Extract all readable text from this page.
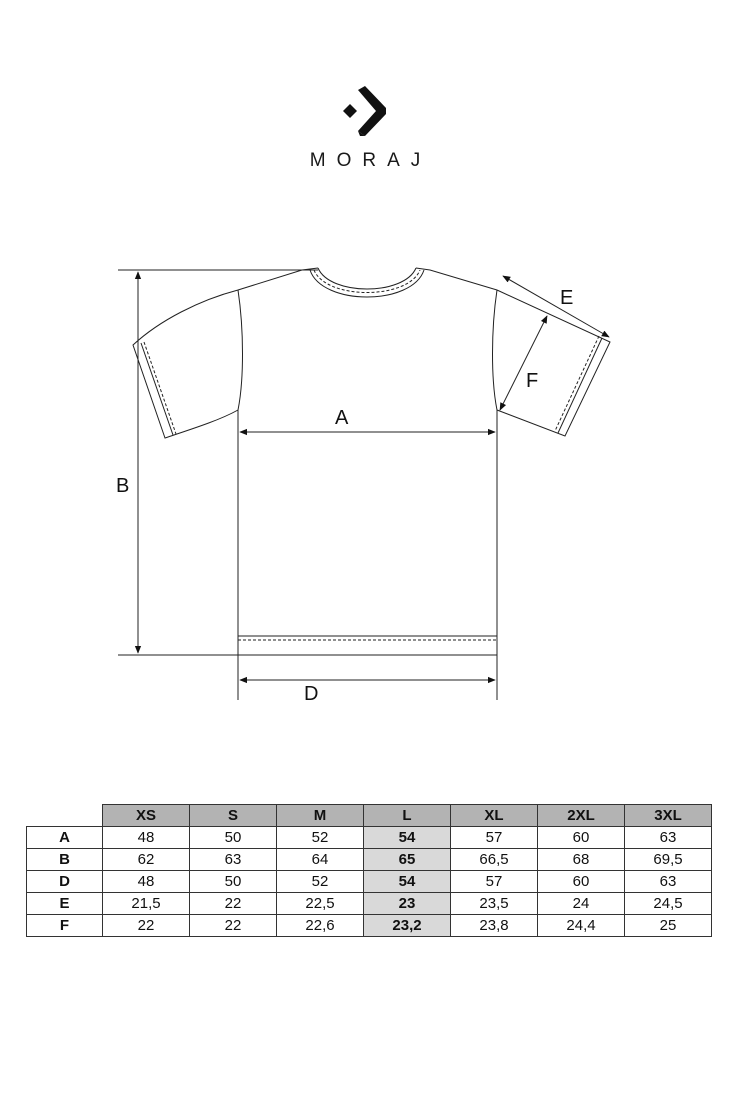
MORAJ
A
B
D
E
F
	XS	S	M	L	XL	2XL	3XL
A	48	50	52	54	57	60	63
B	62	63	64	65	66,5	68	69,5
D	48	50	52	54	57	60	63
E	21,5	22	22,5	23	23,5	24	24,5
F	22	22	22,6	23,2	23,8	24,4	25
